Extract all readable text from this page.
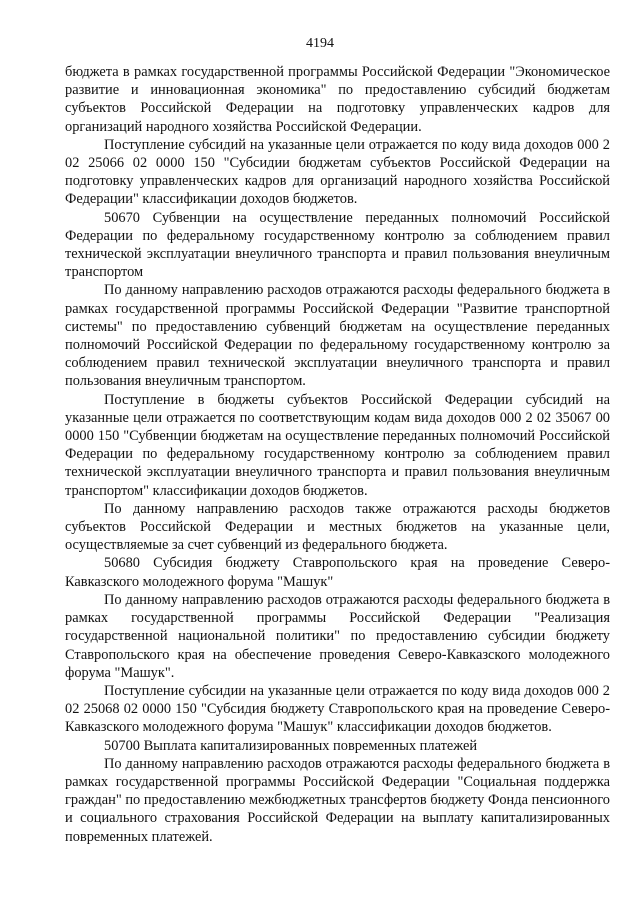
4194

бюджета в рамках государственной программы Российской Федерации "Экономическое развитие и инновационная экономика" по предоставлению субсидий бюджетам субъектов Российской Федерации на подготовку управленческих кадров для организаций народного хозяйства Российской Федерации.

Поступление субсидий на указанные цели отражается по коду вида доходов 000 2 02 25066 02 0000 150 "Субсидии бюджетам субъектов Российской Федерации на подготовку управленческих кадров для организаций народного хозяйства Российской Федерации" классификации доходов бюджетов.

50670 Субвенции на осуществление переданных полномочий Российской Федерации по федеральному государственному контролю за соблюдением правил технической эксплуатации внеуличного транспорта и правил пользования внеуличным транспортом

По данному направлению расходов отражаются расходы федерального бюджета в рамках государственной программы Российской Федерации "Развитие транспортной системы" по предоставлению субвенций бюджетам на осуществление переданных полномочий Российской Федерации по федеральному государственному контролю за соблюдением правил технической эксплуатации внеуличного транспорта и правил пользования внеуличным транспортом.

Поступление в бюджеты субъектов Российской Федерации субсидий на указанные цели отражается по соответствующим кодам вида доходов 000 2 02 35067 00 0000 150 "Субвенции бюджетам на осуществление переданных полномочий Российской Федерации по федеральному государственному контролю за соблюдением правил технической эксплуатации внеуличного транспорта и правил пользования внеуличным транспортом" классификации доходов бюджетов.

По данному направлению расходов также отражаются расходы бюджетов субъектов Российской Федерации и местных бюджетов на указанные цели, осуществляемые за счет субвенций из федерального бюджета.

50680 Субсидия бюджету Ставропольского края на проведение Северо-Кавказского молодежного форума "Машук"

По данному направлению расходов отражаются расходы федерального бюджета в рамках государственной программы Российской Федерации "Реализация государственной национальной политики" по предоставлению субсидии бюджету Ставропольского края на обеспечение проведения Северо-Кавказского молодежного форума "Машук".

Поступление субсидии на указанные цели отражается по коду вида доходов 000 2 02 25068 02 0000 150 "Субсидия бюджету Ставропольского края на проведение Северо-Кавказского молодежного форума "Машук" классификации доходов бюджетов.

50700 Выплата капитализированных повременных платежей

По данному направлению расходов отражаются расходы федерального бюджета в рамках государственной программы Российской Федерации "Социальная поддержка граждан" по предоставлению межбюджетных трансфертов бюджету Фонда пенсионного и социального страхования Российской Федерации на выплату капитализированных повременных платежей.
